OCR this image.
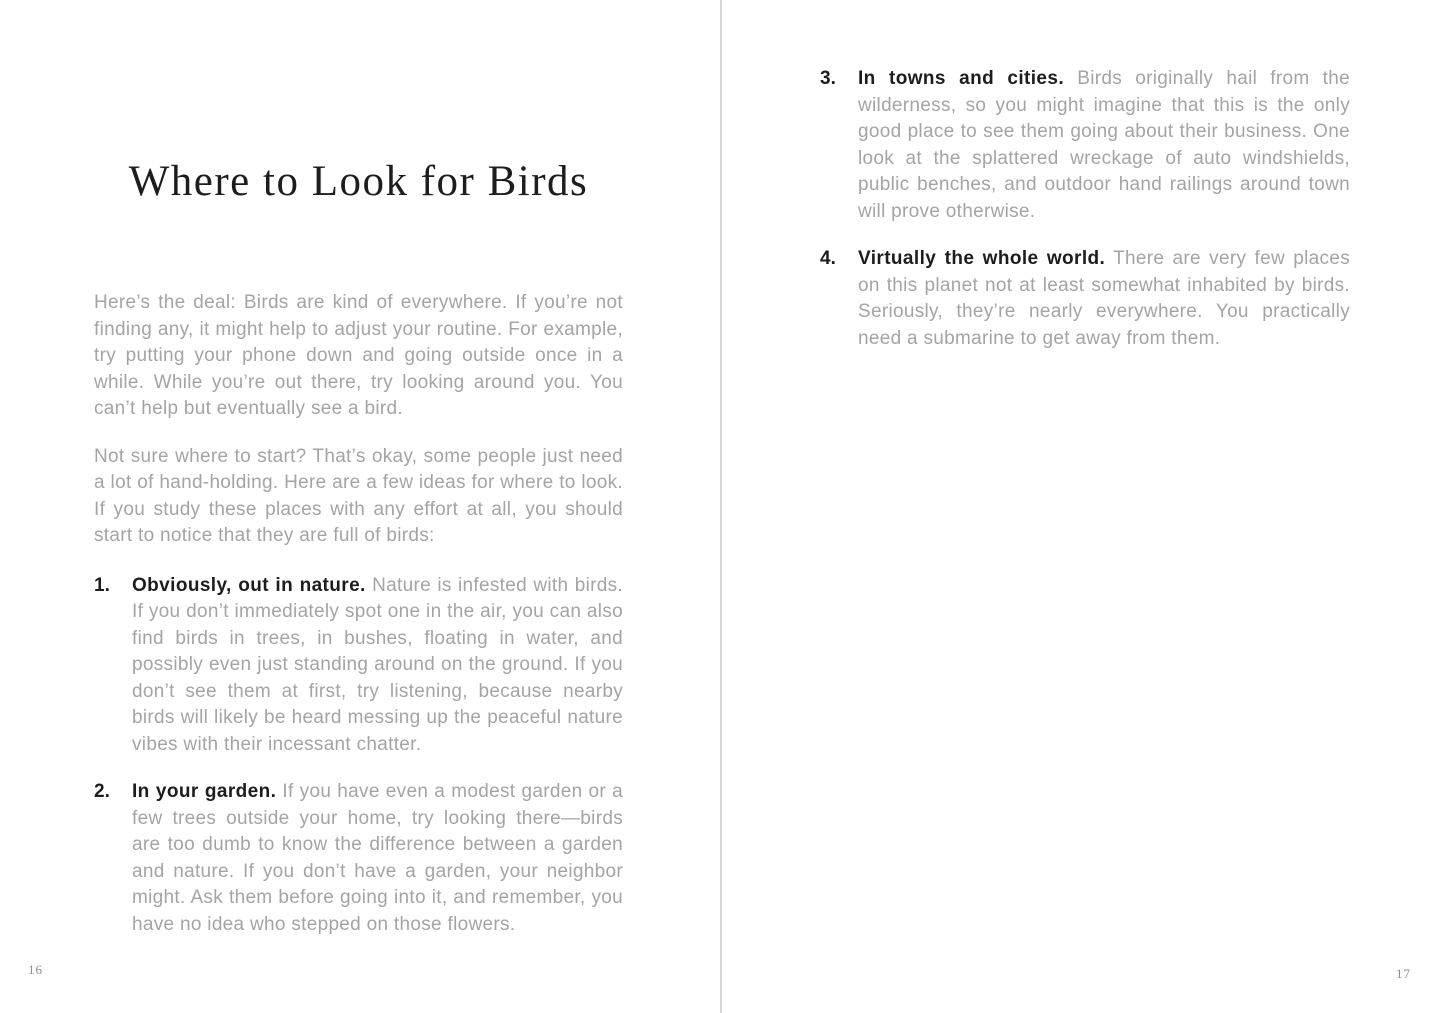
Where to Look for Birds

Here’s the deal: Birds are kind of everywhere. If you’re not finding any, it might help to adjust your routine. For example, try putting your phone down and going outside once in a while. While you’re out there, try looking around you. You can’t help but eventually see a bird.

Not sure where to start? That’s okay, some people just need a lot of hand-holding. Here are a few ideas for where to look. If you study these places with any effort at all, you should start to notice that they are full of birds:

1.	Obviously, out in nature. Nature is infested with birds. If you don’t immediately spot one in the air, you can also find birds in trees, in bushes, floating in water, and possibly even just standing around on the ground. If you don’t see them at first, try listening, because nearby birds will likely be heard messing up the peaceful nature vibes with their incessant chatter.

2.	In your garden. If you have even a modest garden or a few trees outside your home, try looking there—birds are too dumb to know the difference between a garden and nature. If you don’t have a garden, your neighbor might. Ask them before going into it, and remember, you have no idea who stepped on those flowers.

3.	In towns and cities. Birds originally hail from the wilderness, so you might imagine that this is the only good place to see them going about their business. One look at the splattered wreckage of auto windshields, public benches, and outdoor hand railings around town will prove otherwise.

4.	Virtually the whole world. There are very few places on this planet not at least somewhat inhabited by birds. Seriously, they’re nearly everywhere. You practically need a submarine to get away from them.

16	17
